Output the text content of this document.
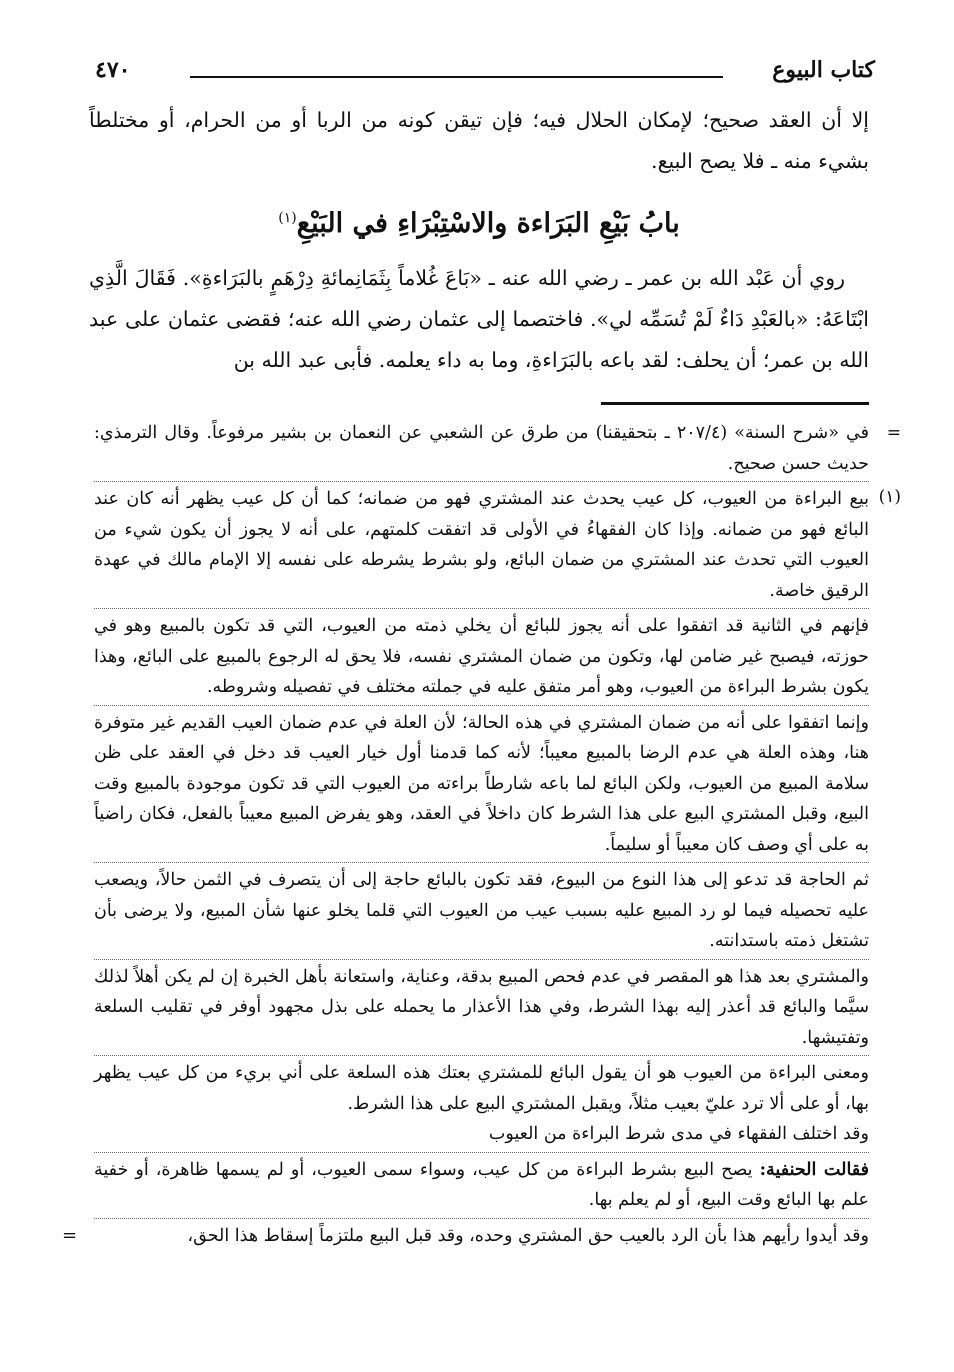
كتاب البيوع
٤٧٠

إلا أن العقد صحيح؛ لإمكان الحلال فيه؛ فإن تيقن كونه من الربا أو من الحرام، أو مختلطاً بشيء منه ـ فلا يصح البيع.

بابُ بَيْعِ البَرَاءة والاسْتِبْرَاءِ في البَيْعِ$^{(١)}$

روي أن عَبْد الله بن عمر ـ رضي الله عنه ـ «بَاعَ غُلاماً بِثَمَانِمائةِ دِرْهَمٍ بالبَرَاءةِ». فَقَالَ الَّذِي ابْتَاعَهُ: «بالعَبْدِ دَاءٌ لَمْ تُسَمِّه لي». فاختصما إلى عثمان رضي الله عنه؛ فقضى عثمان على عبد الله بن عمر؛ أن يحلف: لقد باعه بالبَرَاءةِ، وما به داء يعلمه. فأبى عبد الله بن

=
في «شرح السنة» (٢٠٧/٤ ـ بتحقيقنا) من طرق عن الشعبي عن النعمان بن بشير مرفوعاً. وقال الترمذي: حديث حسن صحيح.

(١)
بيع البراءة من العيوب، كل عيب يحدث عند المشتري فهو من ضمانه؛ كما أن كل عيب يظهر أنه كان عند البائع فهو من ضمانه. وإذا كان الفقهاءُ في الأولى قد اتفقت كلمتهم، على أنه لا يجوز أن يكون شيء من العيوب التي تحدث عند المشتري من ضمان البائع، ولو بشرط يشرطه على نفسه إلا الإمام مالك في عهدة الرقيق خاصة.

فإنهم في الثانية قد اتفقوا على أنه يجوز للبائع أن يخلي ذمته من العيوب، التي قد تكون بالمبيع وهو في حوزته، فيصبح غير ضامن لها، وتكون من ضمان المشتري نفسه، فلا يحق له الرجوع بالمبيع على البائع، وهذا يكون بشرط البراءة من العيوب، وهو أمر متفق عليه في جملته مختلف في تفصيله وشروطه.

وإنما اتفقوا على أنه من ضمان المشتري في هذه الحالة؛ لأن العلة في عدم ضمان العيب القديم غير متوفرة هنا، وهذه العلة هي عدم الرضا بالمبيع معيباً؛ لأنه كما قدمنا أول خيار العيب قد دخل في العقد على ظن سلامة المبيع من العيوب، ولكن البائع لما باعه شارطاً براءته من العيوب التي قد تكون موجودة بالمبيع وقت البيع، وقبل المشتري البيع على هذا الشرط كان داخلاً في العقد، وهو يفرض المبيع معيباً بالفعل، فكان راضياً به على أي وصف كان معيباً أو سليماً.

ثم الحاجة قد تدعو إلى هذا النوع من البيوع، فقد تكون بالبائع حاجة إلى أن يتصرف في الثمن حالاً، ويصعب عليه تحصيله فيما لو رد المبيع عليه بسبب عيب من العيوب التي قلما يخلو عنها شأن المبيع، ولا يرضى بأن تشتغل ذمته باستدانته.

والمشتري بعد هذا هو المقصر في عدم فحص المبيع بدقة، وعناية، واستعانة بأهل الخبرة إن لم يكن أهلاً لذلك سيَّما والبائع قد أعذر إليه بهذا الشرط، وفي هذا الأعذار ما يحمله على بذل مجهود أوفر في تقليب السلعة وتفتيشها.

ومعنى البراءة من العيوب هو أن يقول البائع للمشتري بعتك هذه السلعة على أني بريء من كل عيب يظهر بها، أو على ألا ترد عليّ بعيب مثلاً، ويقبل المشتري البيع على هذا الشرط.

وقد اختلف الفقهاء في مدى شرط البراءة من العيوب

فقالت الحنفية: يصح البيع بشرط البراءة من كل عيب، وسواء سمى العيوب، أو لم يسمها ظاهرة، أو خفية علم بها البائع وقت البيع، أو لم يعلم بها.

وقد أيدوا رأيهم هذا بأن الرد بالعيب حق المشتري وحده، وقد قبل البيع ملتزماً إسقاط هذا الحق،
=
